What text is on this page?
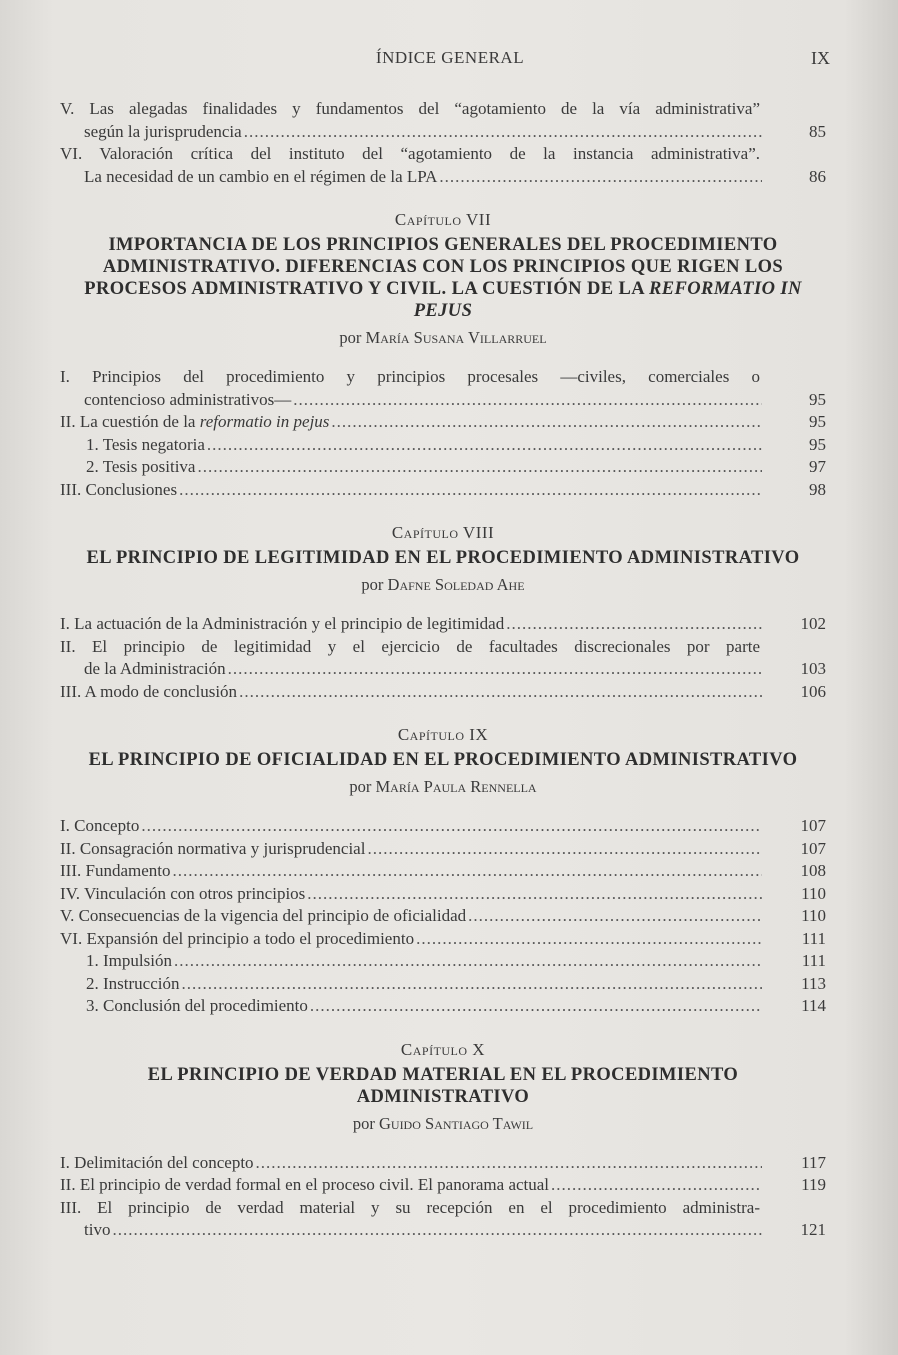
ÍNDICE GENERAL	IX
V. Las alegadas finalidades y fundamentos del “agotamiento de la vía administrativa”
según la jurisprudencia .....	85
VI. Valoración crítica del instituto del “agotamiento de la instancia administrativa”.
La necesidad de un cambio en el régimen de la LPA .....	86
Capítulo VII
IMPORTANCIA DE LOS PRINCIPIOS GENERALES DEL PROCEDIMIENTO ADMINISTRATIVO. DIFERENCIAS CON LOS PRINCIPIOS QUE RIGEN LOS PROCESOS ADMINISTRATIVO Y CIVIL. LA CUESTIÓN DE LA REFORMATIO IN PEJUS
por María Susana Villarruel
I. Principios del procedimiento y principios procesales —civiles, comerciales o
contencioso administrativos— .....	95
II. La cuestión de la reformatio in pejus .....	95
1. Tesis negatoria .....	95
2. Tesis positiva .....	97
III. Conclusiones .....	98
Capítulo VIII
EL PRINCIPIO DE LEGITIMIDAD EN EL PROCEDIMIENTO ADMINISTRATIVO
por Dafne Soledad Ahe
I. La actuación de la Administración y el principio de legitimidad .....	102
II. El principio de legitimidad y el ejercicio de facultades discrecionales por parte
de la Administración .....	103
III. A modo de conclusión .....	106
Capítulo IX
EL PRINCIPIO DE OFICIALIDAD EN EL PROCEDIMIENTO ADMINISTRATIVO
por María Paula Rennella
I. Concepto .....	107
II. Consagración normativa y jurisprudencial .....	107
III. Fundamento .....	108
IV. Vinculación con otros principios .....	110
V. Consecuencias de la vigencia del principio de oficialidad .....	110
VI. Expansión del principio a todo el procedimiento .....	111
1. Impulsión .....	111
2. Instrucción .....	113
3. Conclusión del procedimiento .....	114
Capítulo X
EL PRINCIPIO DE VERDAD MATERIAL EN EL PROCEDIMIENTO ADMINISTRATIVO
por Guido Santiago Tawil
I. Delimitación del concepto .....	117
II. El principio de verdad formal en el proceso civil. El panorama actual .....	119
III. El principio de verdad material y su recepción en el procedimiento administra-
tivo .....	121
